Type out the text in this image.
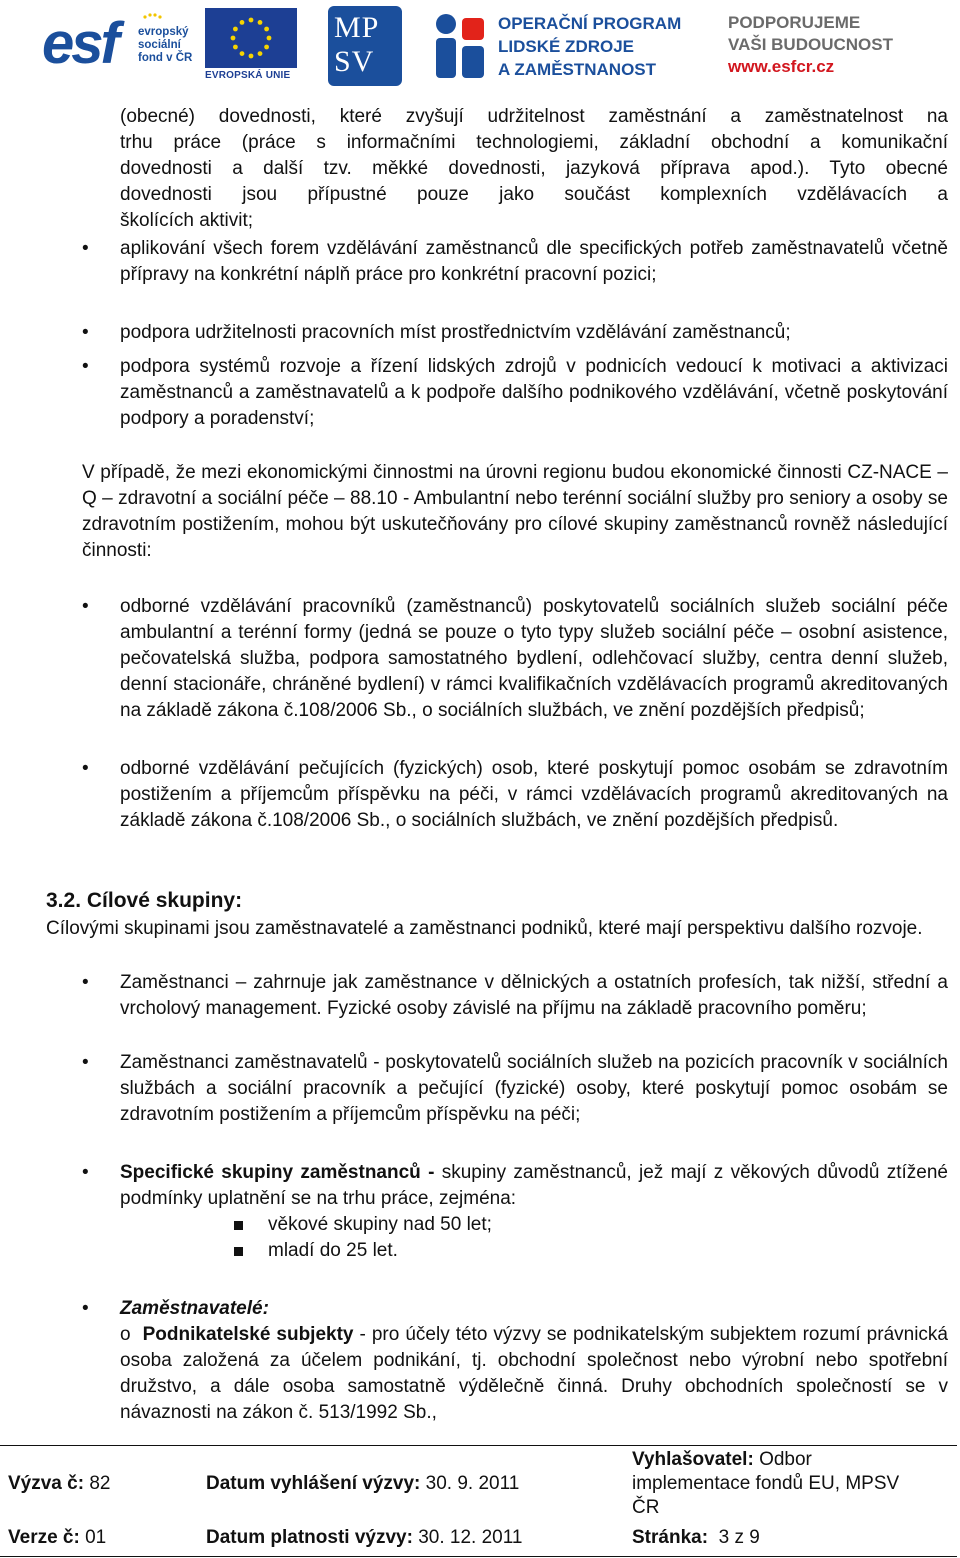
esf evropský
sociální
fond v ČR
EVROPSKÁ UNIE
MP
SV
OPERAČNÍ PROGRAM
LIDSKÉ ZDROJE
A ZAMĚSTNANOST
PODPORUJEME
VAŠI BUDOUCNOST
www.esfcr.cz
(obecné) dovednosti, které zvyšují udržitelnost zaměstnání a zaměstnatelnost na
trhu práce (práce s informačními technologiemi, základní obchodní a komunikační
dovednosti a další tzv. měkké dovednosti, jazyková příprava apod.). Tyto obecné
dovednosti jsou přípustné pouze jako součást komplexních vzdělávacích a
školících aktivit;
• aplikování všech forem vzdělávání zaměstnanců dle specifických potřeb zaměstnavatelů včetně přípravy na konkrétní náplň práce pro konkrétní pracovní pozici;
• podpora udržitelnosti pracovních míst prostřednictvím vzdělávání zaměstnanců;
• podpora systémů rozvoje a řízení lidských zdrojů v podnicích vedoucí k motivaci a aktivizaci zaměstnanců a zaměstnavatelů a k podpoře dalšího podnikového vzdělávání, včetně poskytování podpory a poradenství;
V případě, že mezi ekonomickými činnostmi na úrovni regionu budou ekonomické činnosti CZ-NACE – Q – zdravotní a sociální péče – 88.10 - Ambulantní nebo terénní sociální služby pro seniory a osoby se zdravotním postižením, mohou být uskutečňovány pro cílové skupiny zaměstnanců rovněž následující činnosti:
• odborné vzdělávání pracovníků (zaměstnanců) poskytovatelů sociálních služeb sociální péče ambulantní a terénní formy (jedná se pouze o tyto typy služeb sociální péče – osobní asistence, pečovatelská služba, podpora samostatného bydlení, odlehčovací služby, centra denní služeb, denní stacionáře, chráněné bydlení) v rámci kvalifikačních vzdělávacích programů akreditovaných na základě zákona č.108/2006 Sb., o sociálních službách, ve znění pozdějších předpisů;
• odborné vzdělávání pečujících (fyzických) osob, které poskytují pomoc osobám se zdravotním postižením a příjemcům příspěvku na péči, v rámci vzdělávacích programů akreditovaných na základě zákona č.108/2006 Sb., o sociálních službách, ve znění pozdějších předpisů.
3.2. Cílové skupiny:
Cílovými skupinami jsou zaměstnavatelé a zaměstnanci podniků, které mají perspektivu dalšího rozvoje.
• Zaměstnanci – zahrnuje jak zaměstnance v dělnických a ostatních profesích, tak nižší, střední a vrcholový management. Fyzické osoby závislé na příjmu na základě pracovního poměru;
• Zaměstnanci zaměstnavatelů - poskytovatelů sociálních služeb na pozicích pracovník v sociálních službách a sociální pracovník a pečující (fyzické) osoby, které poskytují pomoc osobám se zdravotním postižením a příjemcům příspěvku na péči;
• Specifické skupiny zaměstnanců - skupiny zaměstnanců, jež mají z věkových důvodů ztížené podmínky uplatnění se na trhu práce, zejména:
věkové skupiny nad 50 let;
mladí do 25 let.
• Zaměstnavatelé:
o Podnikatelské subjekty - pro účely této výzvy se podnikatelským subjektem rozumí právnická osoba založená za účelem podnikání, tj. obchodní společnost nebo výrobní nebo spotřební družstvo, a dále osoba samostatně výdělečně činná. Druhy obchodních společností se v návaznosti na zákon č. 513/1992 Sb.,
Výzva č: 82	Datum vyhlášení výzvy: 30. 9. 2011
Vyhlašovatel: Odbor
implementace fondů EU, MPSV
ČR
Verze č: 01	Datum platnosti výzvy: 30. 12. 2011	Stránka: 3 z 9
